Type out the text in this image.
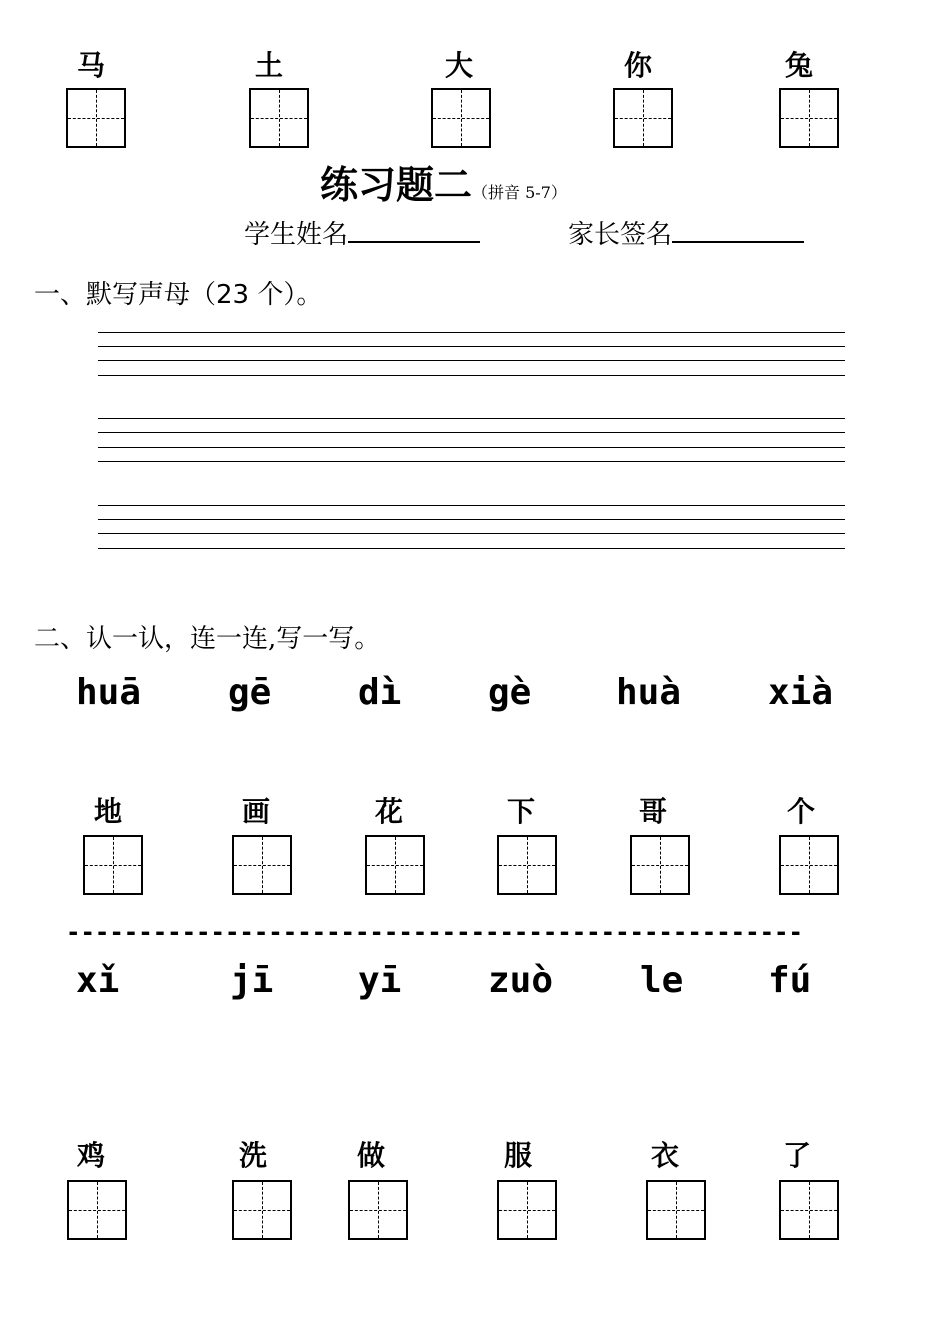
马	土	大	你	兔
练习题二（拼音 5-7）
学生姓名	家长签名
一、默写声母（23 个）。
二、认一认，连一连,写一写。
huā gē dì gè huà xià
地	画	花	下	哥	个
---------------------------------------------------
xǐ	jī yī zuò le fú
鸡	洗	做	服	衣	了
